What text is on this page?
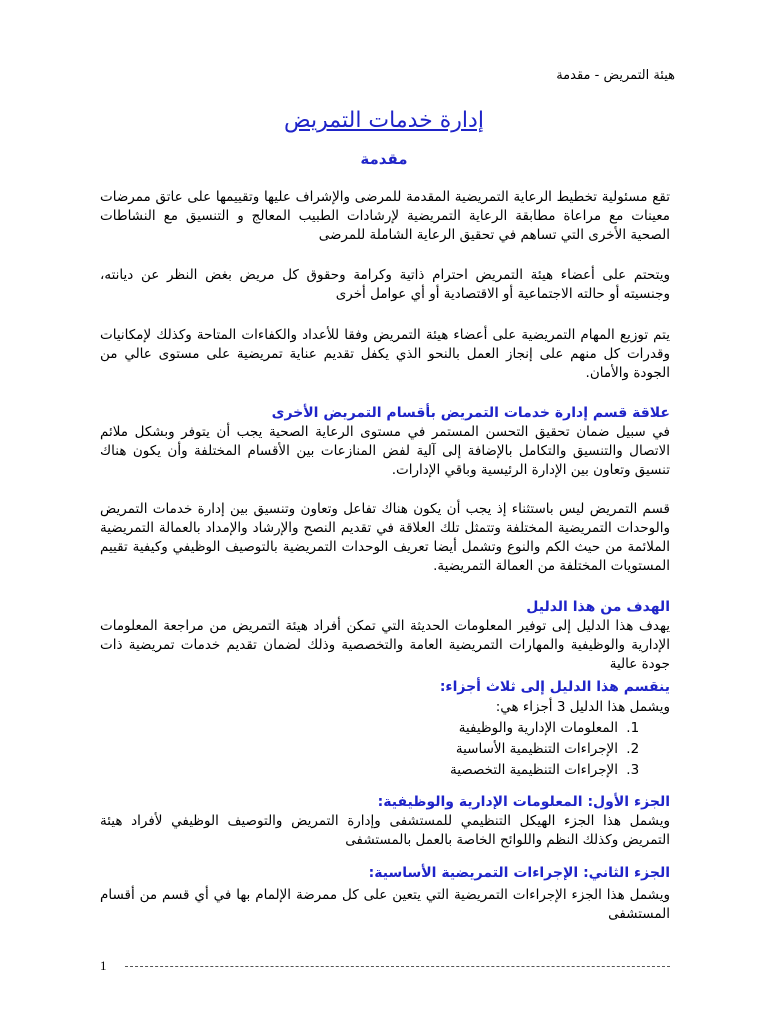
هيئة التمريض - مقدمة
إدارة خدمات التمريض
مقدمة
تقع مسئولية تخطيط الرعاية التمريضية المقدمة للمرضى والإشراف عليها وتقييمها على عاتق ممرضات معينات مع مراعاة مطابقة الرعاية التمريضية لإرشادات الطبيب المعالج و التنسيق مع النشاطات الصحية الأخرى التي تساهم في تحقيق الرعاية الشاملة للمرضى
ويتحتم على أعضاء هيئة التمريض احترام ذاتية وكرامة وحقوق كل مريض بغض النظر عن ديانته، وجنسيته أو حالته الاجتماعية أو الاقتصادية أو أي عوامل أخرى
يتم توزيع المهام التمريضية على أعضاء هيئة التمريض وفقا للأعداد والكفاءات المتاحة وكذلك لإمكانيات وقدرات كل منهم على إنجاز العمل بالنحو الذي يكفل تقديم عناية تمريضية على مستوى عالي من الجودة والأمان.
علاقة قسم إدارة خدمات التمريض بأقسام التمريض الأخرى
في سبيل ضمان تحقيق التحسن المستمر في مستوى الرعاية الصحية يجب أن يتوفر وبشكل ملائم الاتصال والتنسيق والتكامل بالإضافة إلى آلية لفض المنازعات بين الأقسام المختلفة وأن يكون هناك تنسيق وتعاون بين الإدارة الرئيسية وباقي الإدارات.
قسم التمريض ليس باستثناء إذ يجب أن يكون هناك تفاعل وتعاون وتنسيق بين إدارة خدمات التمريض والوحدات التمريضية المختلفة وتتمثل تلك العلاقة في تقديم النصح والإرشاد والإمداد بالعمالة التمريضية الملائمة من حيث الكم والنوع وتشمل أيضا تعريف الوحدات التمريضية بالتوصيف الوظيفي وكيفية تقييم المستويات المختلفة من العمالة التمريضية.
الهدف من هذا الدليل
يهدف هذا الدليل إلى توفير المعلومات الحديثة التي تمكن أفراد هيئة التمريض من مراجعة المعلومات الإدارية والوظيفية والمهارات التمريضية العامة والتخصصية وذلك لضمان تقديم خدمات تمريضية ذات جودة عالية
ينقسم هذا الدليل إلى ثلاث أجزاء:
ويشمل هذا الدليل 3 أجزاء هي:
1. المعلومات الإدارية والوظيفية
2. الإجراءات التنظيمية الأساسية
3. الإجراءات التنظيمية التخصصية
الجزء الأول: المعلومات الإدارية والوظيفية:
ويشمل هذا الجزء الهيكل التنظيمي للمستشفى وإدارة التمريض والتوصيف الوظيفي لأفراد هيئة التمريض وكذلك النظم واللوائح الخاصة بالعمل بالمستشفى
الجزء الثاني: الإجراءات التمريضية الأساسية:
ويشمل هذا الجزء الإجراءات التمريضية التي يتعين على كل ممرضة الإلمام بها في أي قسم من أقسام المستشفى
1
